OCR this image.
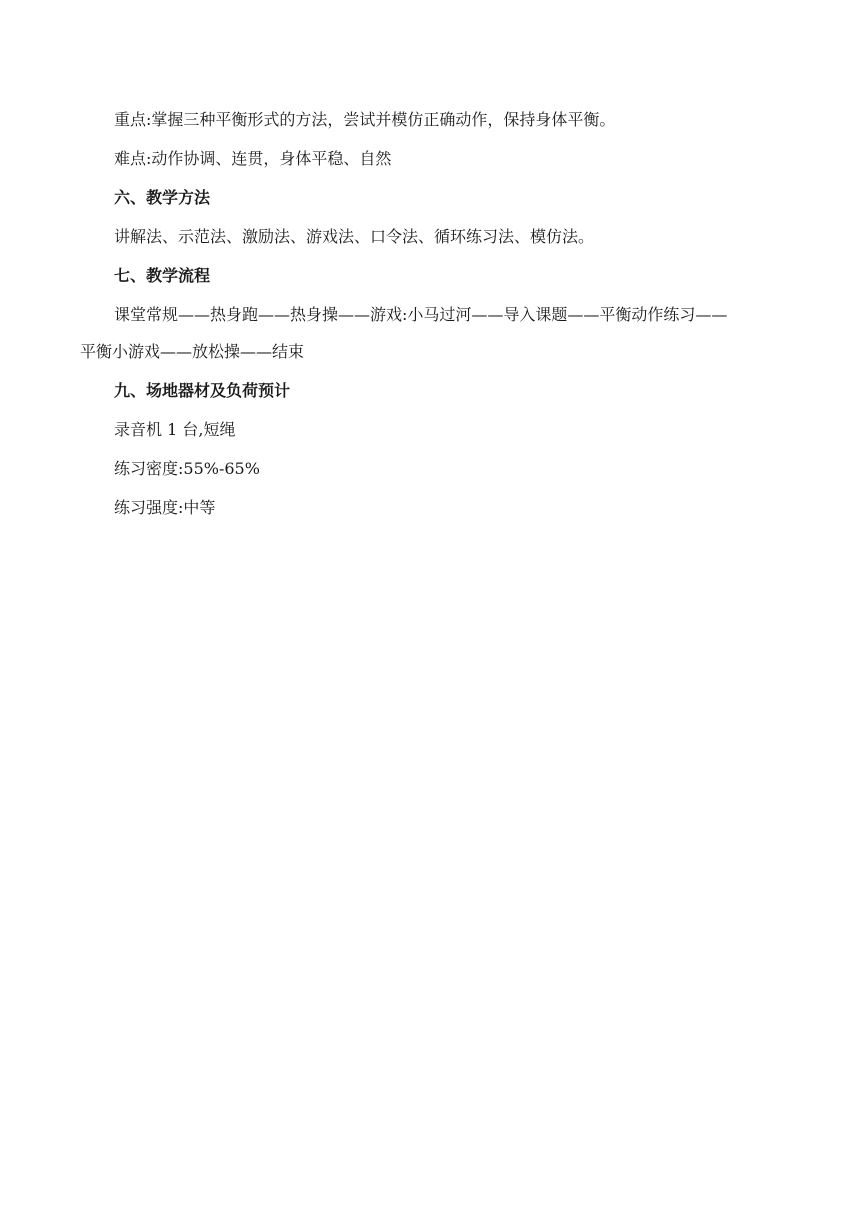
重点:掌握三种平衡形式的方法，尝试并模仿正确动作，保持身体平衡。

难点:动作协调、连贯，身体平稳、自然

六、教学方法

讲解法、示范法、激励法、游戏法、口令法、循环练习法、模仿法。

七、教学流程

课堂常规——热身跑——热身操——游戏:小马过河——导入课题——平衡动作练习——

平衡小游戏——放松操——结束

九、场地器材及负荷预计

录音机 1 台,短绳

练习密度:55%-65%

练习强度:中等
